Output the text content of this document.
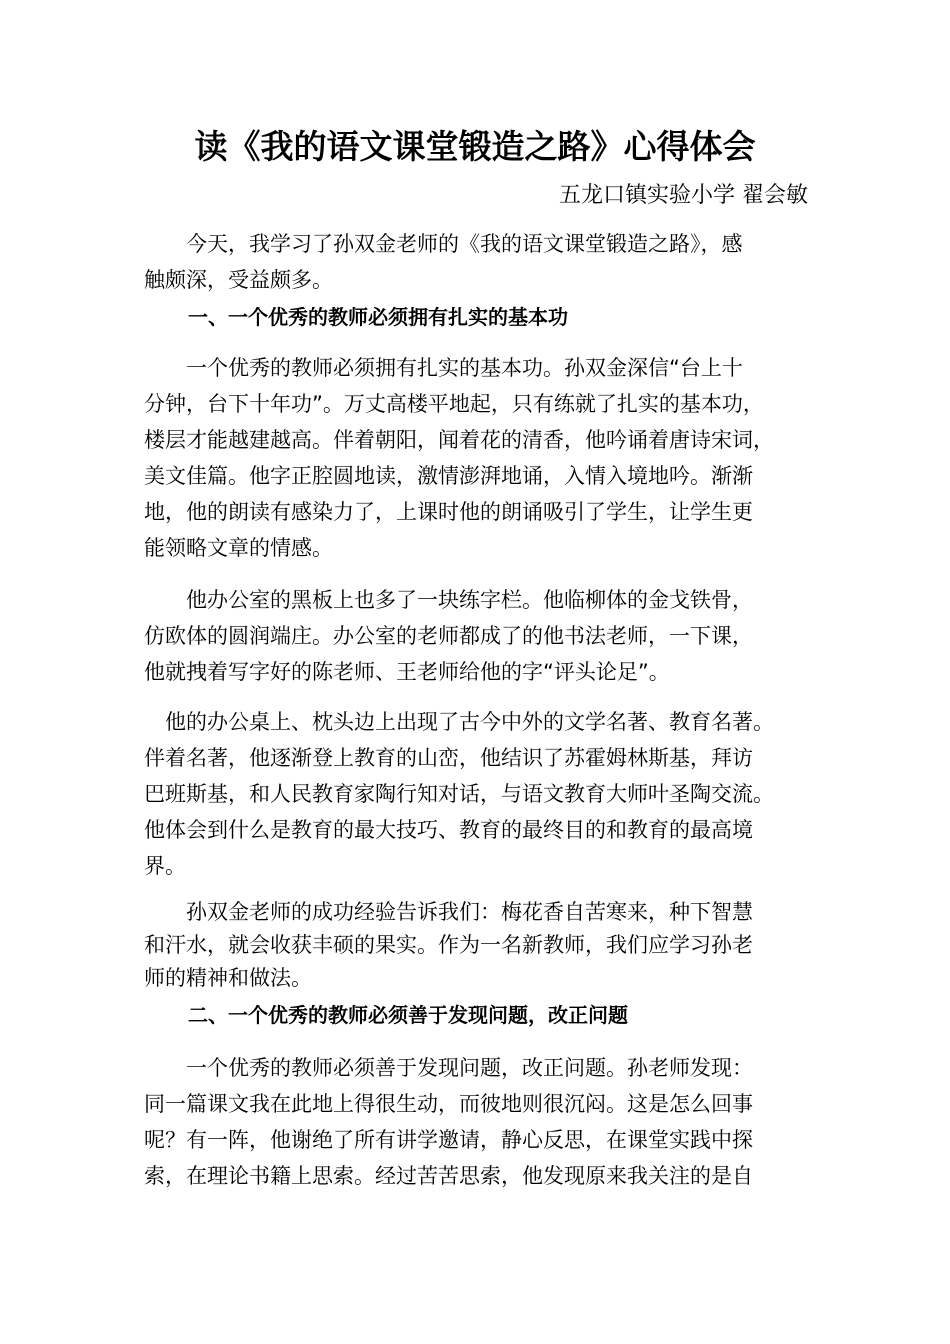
读《我的语文课堂锻造之路》心得体会
五龙口镇实验小学 翟会敏
　　今天，我学习了孙双金老师的《我的语文课堂锻造之路》，感
触颇深，受益颇多。
一、一个优秀的教师必须拥有扎实的基本功
　　一个优秀的教师必须拥有扎实的基本功。孙双金深信“台上十
分钟，台下十年功”。万丈高楼平地起，只有练就了扎实的基本功，
楼层才能越建越高。伴着朝阳，闻着花的清香，他吟诵着唐诗宋词，
美文佳篇。他字正腔圆地读，激情澎湃地诵，入情入境地吟。渐渐
地，他的朗读有感染力了，上课时他的朗诵吸引了学生，让学生更
能领略文章的情感。
　　他办公室的黑板上也多了一块练字栏。他临柳体的金戈铁骨，
仿欧体的圆润端庄。办公室的老师都成了的他书法老师，一下课，
他就拽着写字好的陈老师、王老师给他的字“评头论足”。
　他的办公桌上、枕头边上出现了古今中外的文学名著、教育名著。
伴着名著，他逐渐登上教育的山峦，他结识了苏霍姆林斯基，拜访
巴班斯基，和人民教育家陶行知对话，与语文教育大师叶圣陶交流。
他体会到什么是教育的最大技巧、教育的最终目的和教育的最高境
界。
　　孙双金老师的成功经验告诉我们：梅花香自苦寒来，种下智慧
和汗水，就会收获丰硕的果实。作为一名新教师，我们应学习孙老
师的精神和做法。
二、一个优秀的教师必须善于发现问题，改正问题
　　一个优秀的教师必须善于发现问题，改正问题。孙老师发现：
同一篇课文我在此地上得很生动，而彼地则很沉闷。这是怎么回事
呢？有一阵，他谢绝了所有讲学邀请，静心反思，在课堂实践中探
索，在理论书籍上思索。经过苦苦思索，他发现原来我关注的是自
